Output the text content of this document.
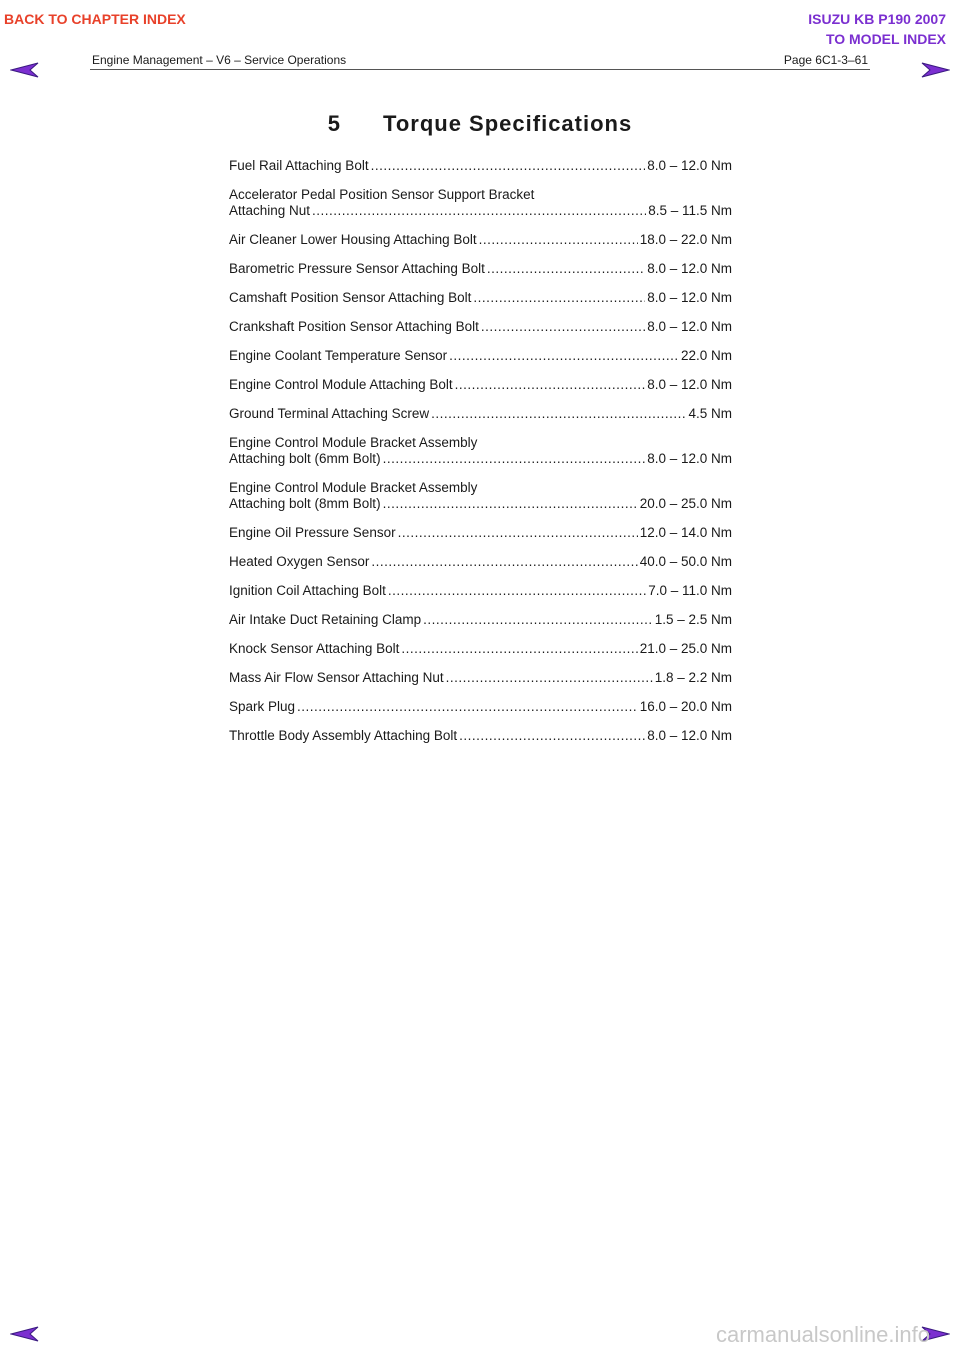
BACK TO CHAPTER INDEX	ISUZU KB P190 2007
TO MODEL INDEX
Engine Management – V6 – Service Operations	Page 6C1-3–61
5 Torque Specifications
Fuel Rail Attaching Bolt .....	8.0 – 12.0 Nm
Accelerator Pedal Position Sensor Support Bracket
Attaching Nut .....	8.5 – 11.5 Nm
Air Cleaner Lower Housing Attaching Bolt .....	18.0 – 22.0 Nm
Barometric Pressure Sensor Attaching Bolt .....	8.0 – 12.0 Nm
Camshaft Position Sensor Attaching Bolt .....	8.0 – 12.0 Nm
Crankshaft Position Sensor Attaching Bolt .....	8.0 – 12.0 Nm
Engine Coolant Temperature Sensor .....	22.0 Nm
Engine Control Module Attaching Bolt .....	8.0 – 12.0 Nm
Ground Terminal Attaching Screw .....	4.5 Nm
Engine Control Module Bracket Assembly
Attaching bolt (6mm Bolt) .....	8.0 – 12.0 Nm
Engine Control Module Bracket Assembly
Attaching bolt (8mm Bolt) .....	20.0 – 25.0 Nm
Engine Oil Pressure Sensor .....	12.0 – 14.0 Nm
Heated Oxygen Sensor .....	40.0 – 50.0 Nm
Ignition Coil Attaching Bolt .....	7.0 – 11.0 Nm
Air Intake Duct Retaining Clamp .....	1.5 – 2.5 Nm
Knock Sensor Attaching Bolt .....	21.0 – 25.0 Nm
Mass Air Flow Sensor Attaching Nut .....	1.8 – 2.2 Nm
Spark Plug .....	16.0 – 20.0 Nm
Throttle Body Assembly Attaching Bolt .....	8.0 – 12.0 Nm
carmanualsonline.info
